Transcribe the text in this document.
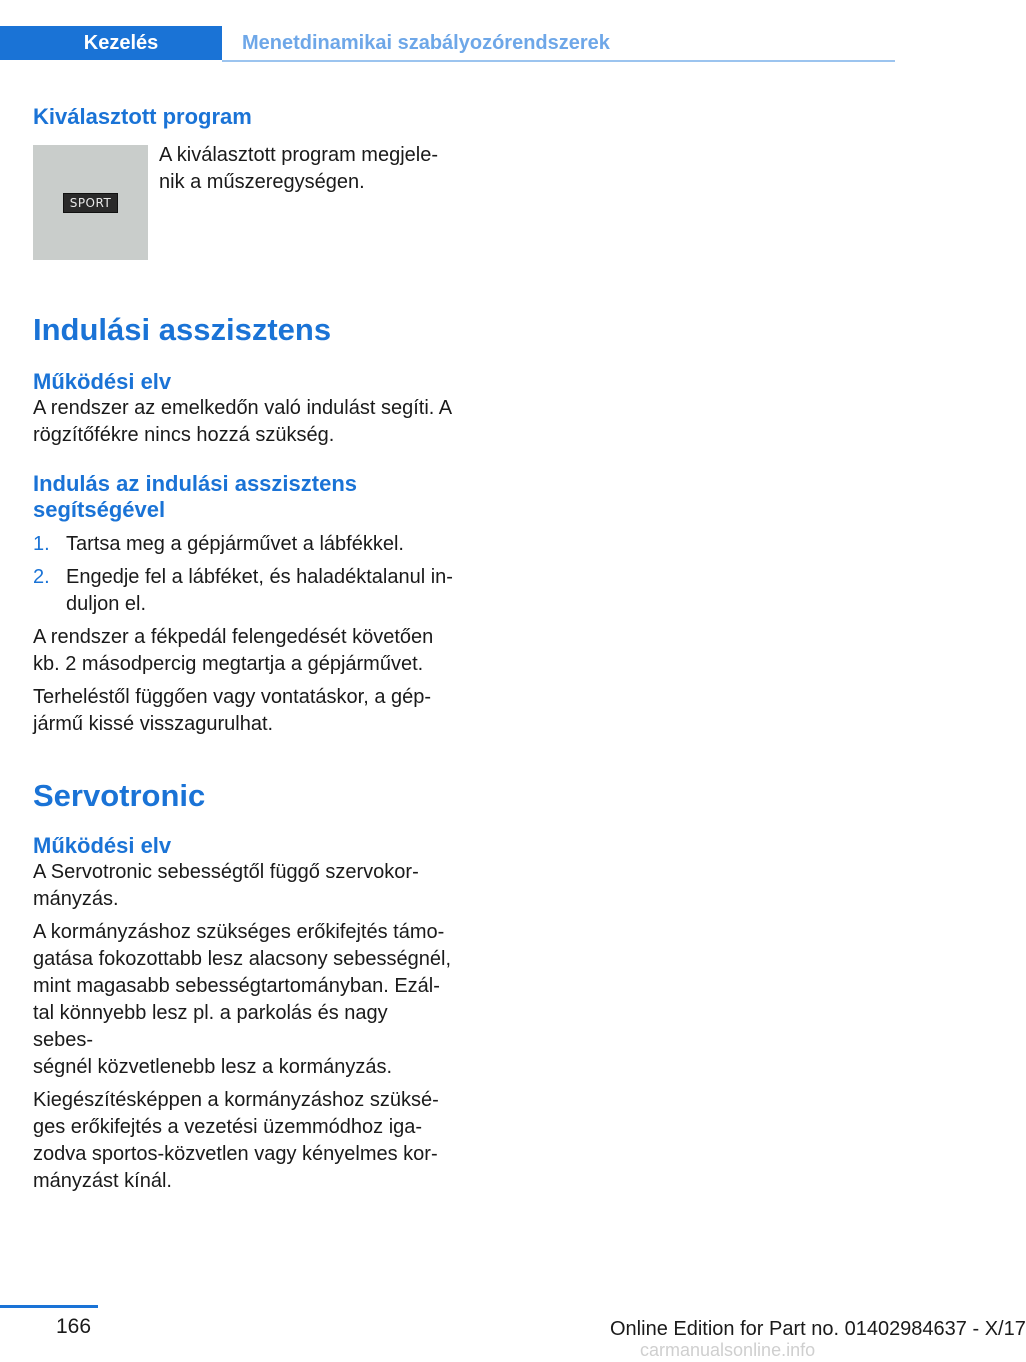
Kezelés	Menetdinamikai szabályozórendszerek

Kiválasztott program

SPORT

A kiválasztott program megjele-

nik a műszeregységen.

Indulási asszisztens

Működési elv

A rendszer az emelkedőn való indulást segíti. A

rögzítőfékre nincs hozzá szükség.

Indulás az indulási asszisztens

segítségével

1. Tartsa meg a gépjárművet a lábfékkel.
2. Engedje fel a lábféket, és haladéktalanul in-
duljon el.

A rendszer a fékpedál felengedését követően

kb. 2 másodpercig megtartja a gépjárművet.

Terheléstől függően vagy vontatáskor, a gép-

jármű kissé visszagurulhat.

Servotronic

Működési elv

A Servotronic sebességtől függő szervokor-

mányzás.

A kormányzáshoz szükséges erőkifejtés támo-

gatása fokozottabb lesz alacsony sebességnél,

mint magasabb sebességtartományban. Ezál-

tal könnyebb lesz pl. a parkolás és nagy sebes-

ségnél közvetlenebb lesz a kormányzás.

Kiegészítésképpen a kormányzáshoz szüksé-

ges erőkifejtés a vezetési üzemmódhoz iga-

zodva sportos-közvetlen vagy kényelmes kor-

mányzást kínál.

166	Online Edition for Part no. 01402984637 - X/17
carmanualsonline.info
